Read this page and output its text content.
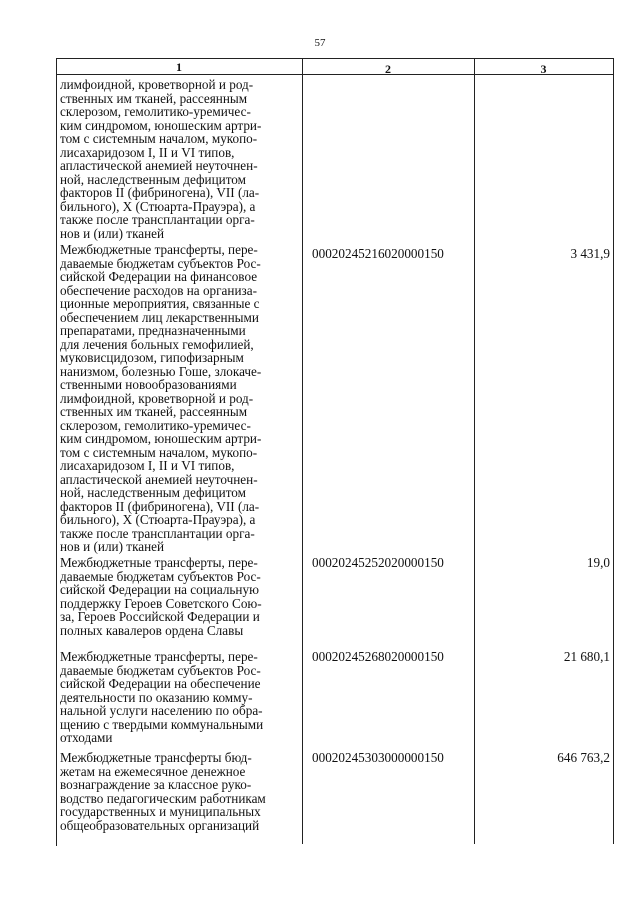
57
1	2	3
лимфоидной, кроветворной и род-
ственных им тканей, рассеянным
склерозом, гемолитико-уремичес-
ким синдромом, юношеским артри-
том с системным началом, мукопо-
лисахаридозом I, II и VI типов,
апластической анемией неуточнен-
ной, наследственным дефицитом
факторов II (фибриногена), VII (ла-
бильного), X (Стюарта-Прауэра), а
также после трансплантации орга-
нов и (или) тканей
Межбюджетные трансферты, пере-
даваемые бюджетам субъектов Рос-
сийской Федерации на финансовое
обеспечение расходов на организа-
ционные мероприятия, связанные с
обеспечением лиц лекарственными
препаратами, предназначенными
для лечения больных гемофилией,
муковисцидозом, гипофизарным
нанизмом, болезнью Гоше, злокаче-
ственными новообразованиями
лимфоидной, кроветворной и род-
ственных им тканей, рассеянным
склерозом, гемолитико-уремичес-
ким синдромом, юношеским артри-
том с системным началом, мукопо-
лисахаридозом I, II и VI типов,
апластической анемией неуточнен-
ной, наследственным дефицитом
факторов II (фибриногена), VII (ла-
бильного), X (Стюарта-Прауэра), а
также после трансплантации орга-
нов и (или) тканей
00020245216020000150	3 431,9
Межбюджетные трансферты, пере-
даваемые бюджетам субъектов Рос-
сийской Федерации на социальную
поддержку Героев Советского Сою-
за, Героев Российской Федерации и
полных кавалеров ордена Славы
00020245252020000150	19,0
Межбюджетные трансферты, пере-
даваемые бюджетам субъектов Рос-
сийской Федерации на обеспечение
деятельности по оказанию комму-
нальной услуги населению по обра-
щению с твердыми коммунальными
отходами
00020245268020000150	21 680,1
Межбюджетные трансферты бюд-
жетам на ежемесячное денежное
вознаграждение за классное руко-
водство педагогическим работникам
государственных и муниципальных
общеобразовательных организаций
00020245303000000150	646 763,2
